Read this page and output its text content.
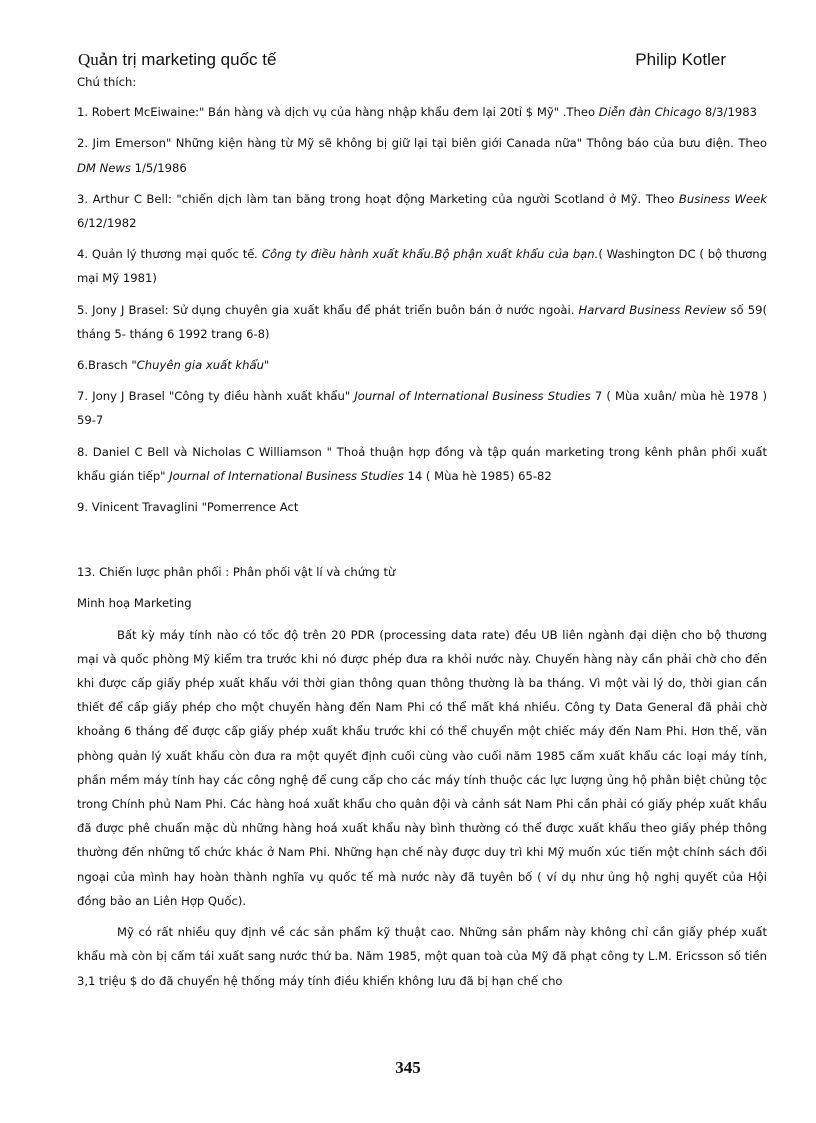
Quản trị marketing quốc tế	Philip Kotler
Chú thích:
1. Robert McEiwaine:" Bán hàng và dịch vụ của hàng nhập khẩu đem lại 20tỉ $ Mỹ" .Theo Diễn đàn Chicago 8/3/1983
2. Jim Emerson" Những kiện hàng từ Mỹ sẽ không bị giữ lại tại biên giới Canada nữa" Thông báo của bưu điện. Theo DM News 1/5/1986
3. Arthur C Bell: "chiến dịch làm tan băng trong hoạt động Marketing của người Scotland ở Mỹ. Theo Business Week 6/12/1982
4. Quản lý thương mại quốc tế. Công ty điều hành xuất khẩu.Bộ phận xuất khẩu của bạn.( Washington DC ( bộ thương mại Mỹ 1981)
5. Jony J Brasel: Sử dụng chuyên gia xuất khẩu để phát triển buôn bán ở nước ngoài. Harvard Business Review số 59( tháng 5- tháng 6 1992 trang 6-8)
6.Brasch "Chuyên gia xuất khẩu"
7. Jony J Brasel "Công ty điều hành xuất khẩu" Journal of International Business Studies 7 ( Mùa xuân/ mùa hè 1978 ) 59-7
8. Daniel C Bell và Nicholas C Williamson " Thoả thuận hợp đồng và tập quán marketing trong kênh phân phối xuất khẩu gián tiếp" Journal of International Business Studies 14 ( Mùa hè 1985) 65-82
9. Vinicent Travaglini "Pomerrence Act
13. Chiến lược phân phối : Phân phối vật lí và chứng từ
Minh hoạ Marketing
Bất kỳ máy tính nào có tốc độ trên 20 PDR (processing data rate) đều UB liên ngành đại diện cho bộ thương mại và quốc phòng Mỹ kiểm tra trước khi nó được phép đưa ra khỏi nước này. Chuyến hàng này cần phải chờ cho đến khi được cấp giấy phép xuất khẩu với thời gian thông quan thông thường là ba tháng. Vì một vài lý do, thời gian cần thiết để cấp giấy phép cho một chuyến hàng đến Nam Phi có thể mất khá nhiều. Công ty Data General đã phải chờ khoảng 6 tháng để được cấp giấy phép xuất khẩu trước khi có thể chuyển một chiếc máy đến Nam Phi. Hơn thế, văn phòng quản lý xuất khẩu còn đưa ra một quyết định cuối cùng vào cuối năm 1985 cấm xuất khẩu các loại máy tính, phần mềm máy tính hay các công nghệ để cung cấp cho các máy tính thuộc các lực lượng ủng hộ phân biệt chủng tộc trong Chính phủ Nam Phi. Các hàng hoá xuất khẩu cho quân đội và cảnh sát Nam Phi cần phải có giấy phép xuất khẩu đã được phê chuẩn mặc dù những hàng hoá xuất khẩu này bình thường có thể được xuất khẩu theo giấy phép thông thường đến những tổ chức khác ở Nam Phi. Những hạn chế này được duy trì khi Mỹ muốn xúc tiến một chính sách đối ngoại của mình hay hoàn thành nghĩa vụ quốc tế mà nước này đã tuyên bố ( ví dụ như ủng hộ nghị quyết của Hội đồng bảo an Liên Hợp Quốc).
Mỹ có rất nhiều quy định về các sản phẩm kỹ thuật cao. Những sản phẩm này không chỉ cần giấy phép xuất khẩu mà còn bị cấm tái xuất sang nước thứ ba. Năm 1985, một quan toà của Mỹ đã phạt công ty L.M. Ericsson số tiền 3,1 triệu $ do đã chuyển hệ thống máy tính điều khiển không lưu đã bị hạn chế cho
345
